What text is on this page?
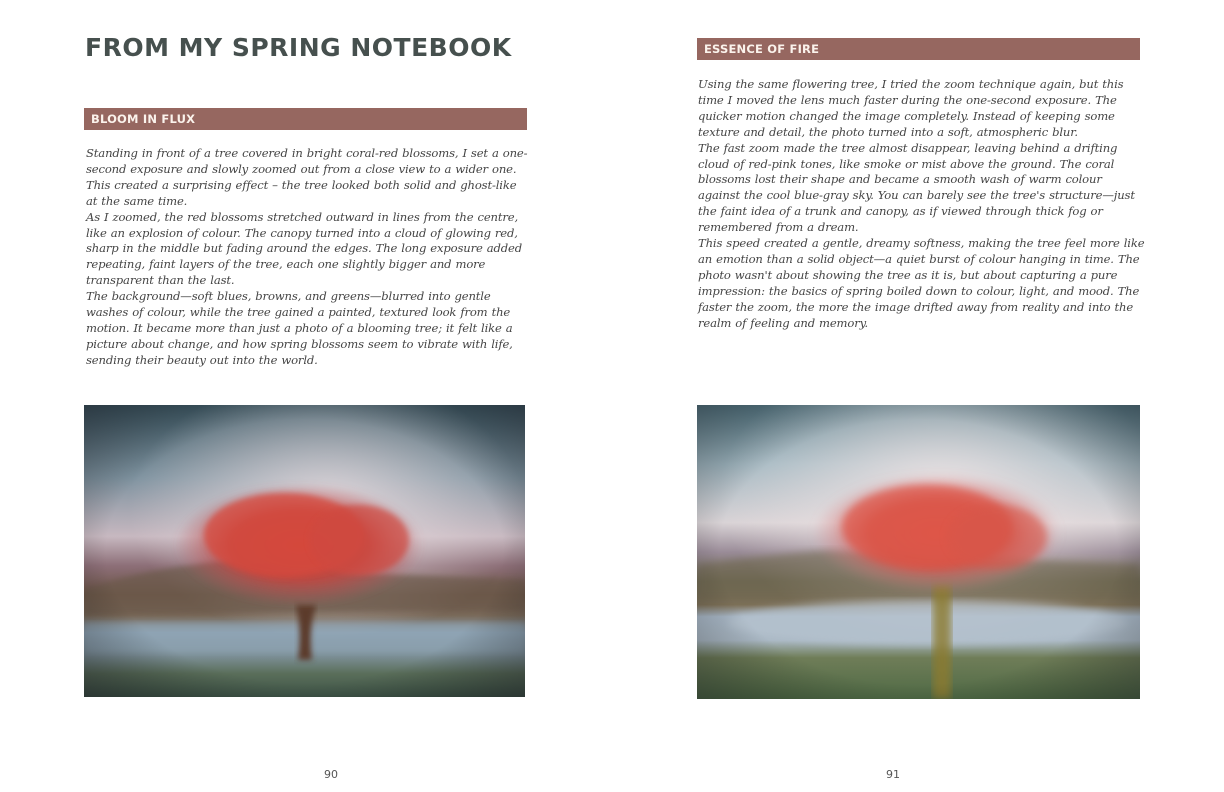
FROM MY SPRING NOTEBOOK
BLOOM IN FLUX

Standing in front of a tree covered in bright coral-red blossoms, I set a one-second exposure and slowly zoomed out from a close view to a wider one. This created a surprising effect – the tree looked both solid and ghost-like at the same time.

As I zoomed, the red blossoms stretched outward in lines from the centre, like an explosion of colour. The canopy turned into a cloud of glowing red, sharp in the middle but fading around the edges. The long exposure added repeating, faint layers of the tree, each one slightly bigger and more transparent than the last.

The background—soft blues, browns, and greens—blurred into gentle washes of colour, while the tree gained a painted, textured look from the motion. It became more than just a photo of a blooming tree; it felt like a picture about change, and how spring blossoms seem to vibrate with life, sending their beauty out into the world.

90
ESSENCE OF FIRE

Using the same flowering tree, I tried the zoom technique again, but this time I moved the lens much faster during the one-second exposure. The quicker motion changed the image completely. Instead of keeping some texture and detail, the photo turned into a soft, atmospheric blur.

The fast zoom made the tree almost disappear, leaving behind a drifting cloud of red-pink tones, like smoke or mist above the ground. The coral blossoms lost their shape and became a smooth wash of warm colour against the cool blue-gray sky. You can barely see the tree's structure—just the faint idea of a trunk and canopy, as if viewed through thick fog or remembered from a dream.

This speed created a gentle, dreamy softness, making the tree feel more like an emotion than a solid object—a quiet burst of colour hanging in time. The photo wasn't about showing the tree as it is, but about capturing a pure impression: the basics of spring boiled down to colour, light, and mood. The faster the zoom, the more the image drifted away from reality and into the realm of feeling and memory.

91
